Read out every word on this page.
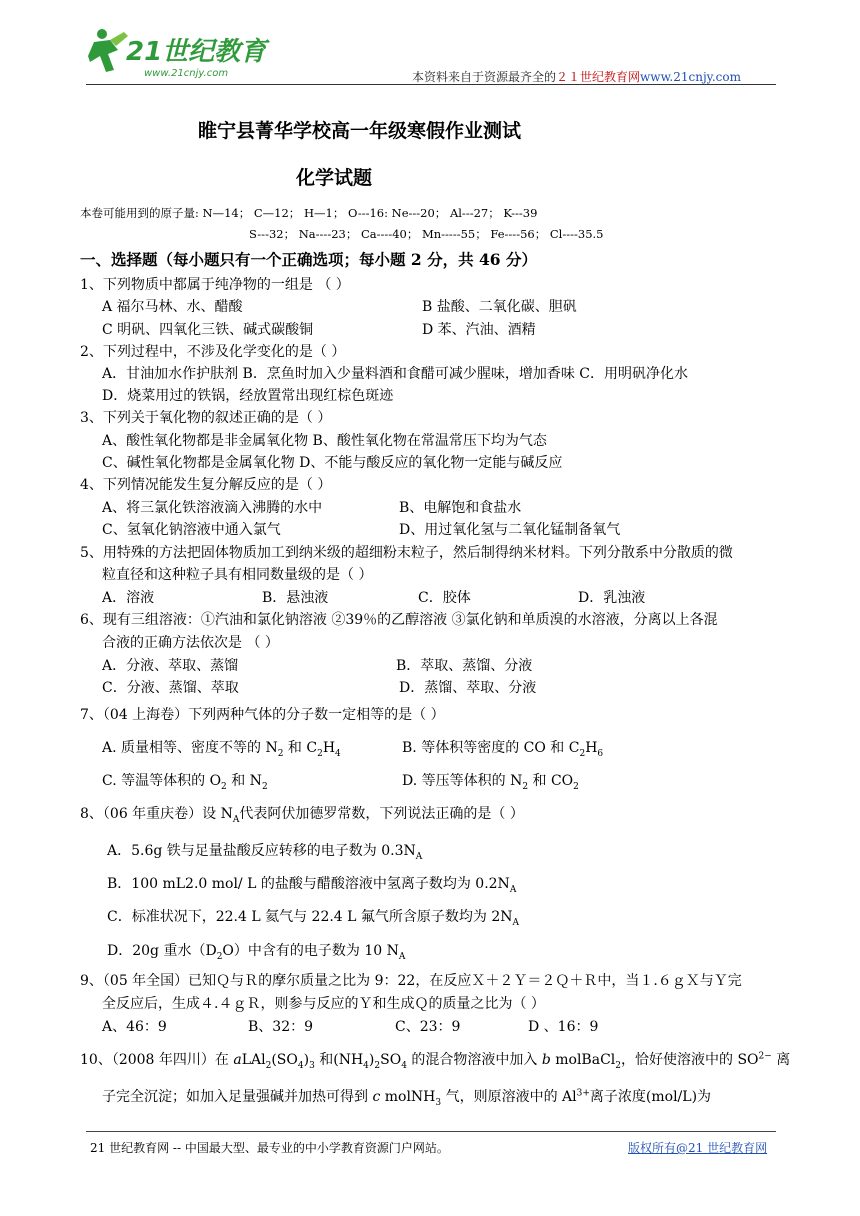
21世纪教育
www.21cnjy.com	本资料来自于资源最齐全的２１世纪教育网www.21cnjy.com
睢宁县菁华学校高一年级寒假作业测试
化学试题
本卷可能用到的原子量: N—14； C—12； H—1； O---16: Ne---20； Al---27； K---39
S---32； Na----23； Ca----40； Mn-----55； Fe----56； Cl----35.5
一、选择题（每小题只有一个正确选项；每小题 2 分，共 46 分）
1、下列物质中都属于纯净物的一组是 （ ）
A 福尔马林、水、醋酸	B 盐酸、二氧化碳、胆矾
C 明矾、四氧化三铁、碱式碳酸铜	D 苯、汽油、酒精
2、下列过程中，不涉及化学变化的是（ ）
A．甘油加水作护肤剂 B．烹鱼时加入少量料酒和食醋可减少腥味，增加香味 C．用明矾净化水
D．烧菜用过的铁锅，经放置常出现红棕色斑迹
3、下列关于氧化物的叙述正确的是（ ）
A、酸性氧化物都是非金属氧化物 B、酸性氧化物在常温常压下均为气态
C、碱性氧化物都是金属氧化物 D、不能与酸反应的氧化物一定能与碱反应
4、下列情况能发生复分解反应的是（ ）
A、将三氯化铁溶液滴入沸腾的水中	B、电解饱和食盐水
C、氢氧化钠溶液中通入氯气	D、用过氧化氢与二氧化锰制备氧气
5、用特殊的方法把固体物质加工到纳米级的超细粉末粒子，然后制得纳米材料。下列分散系中分散质的微
粒直径和这种粒子具有相同数量级的是（ ）
A．溶液	B．悬浊液	C．胶体	D．乳浊液
6、现有三组溶液：①汽油和氯化钠溶液 ②39％的乙醇溶液 ③氯化钠和单质溴的水溶液，分离以上各混
合液的正确方法依次是 （ ）
A．分液、萃取、蒸馏	B．萃取、蒸馏、分液
C．分液、蒸馏、萃取	D．蒸馏、萃取、分液
7、（04 上海卷）下列两种气体的分子数一定相等的是（ ）
A. 质量相等、密度不等的 $N_2$ 和 $C_2H_4$	B. 等体积等密度的 CO 和 $C_2H_6$
C. 等温等体积的 $O_2$ 和 $N_2$	D. 等压等体积的 $N_2$ 和 $CO_2$
8、（06 年重庆卷）设 $N_A$代表阿伏加德罗常数，下列说法正确的是（ ）
A．5.6g 铁与足量盐酸反应转移的电子数为 $0.3N_A$
B．100 mL2.0 mol/ L 的盐酸与醋酸溶液中氢离子数均为 $0.2N_A$
C．标准状况下，22.4 L 氦气与 22.4 L 氟气所含原子数均为 $2N_A$
D．20g 重水$(D_2O)$中含有的电子数为 10 $N_A$
9、（05 年全国）已知Ｑ与Ｒ的摩尔质量之比为 9：22，在反应Ｘ＋２Ｙ＝２Ｑ＋Ｒ中，当１.６ｇＸ与Ｙ完
全反应后，生成４.４ｇＲ，则参与反应的Ｙ和生成Ｑ的质量之比为（ ）
A、46：9	B、32：9	C、23：9	D 、16：9
10、（2008 年四川）在 $aLAl_2(SO_4)_3$ 和$(NH_4)_2SO_4$ 的混合物溶液中加入 b molBaCl$_2$，恰好使溶液中的 $SO^{2-}$ 离
子完全沉淀；如加入足量强碱并加热可得到 c molNH$_3$ 气，则原溶液中的 $Al^{3+}$离子浓度(mol/L)为
21 世纪教育网 -- 中国最大型、最专业的中小学教育资源门户网站。	版权所有@21 世纪教育网
